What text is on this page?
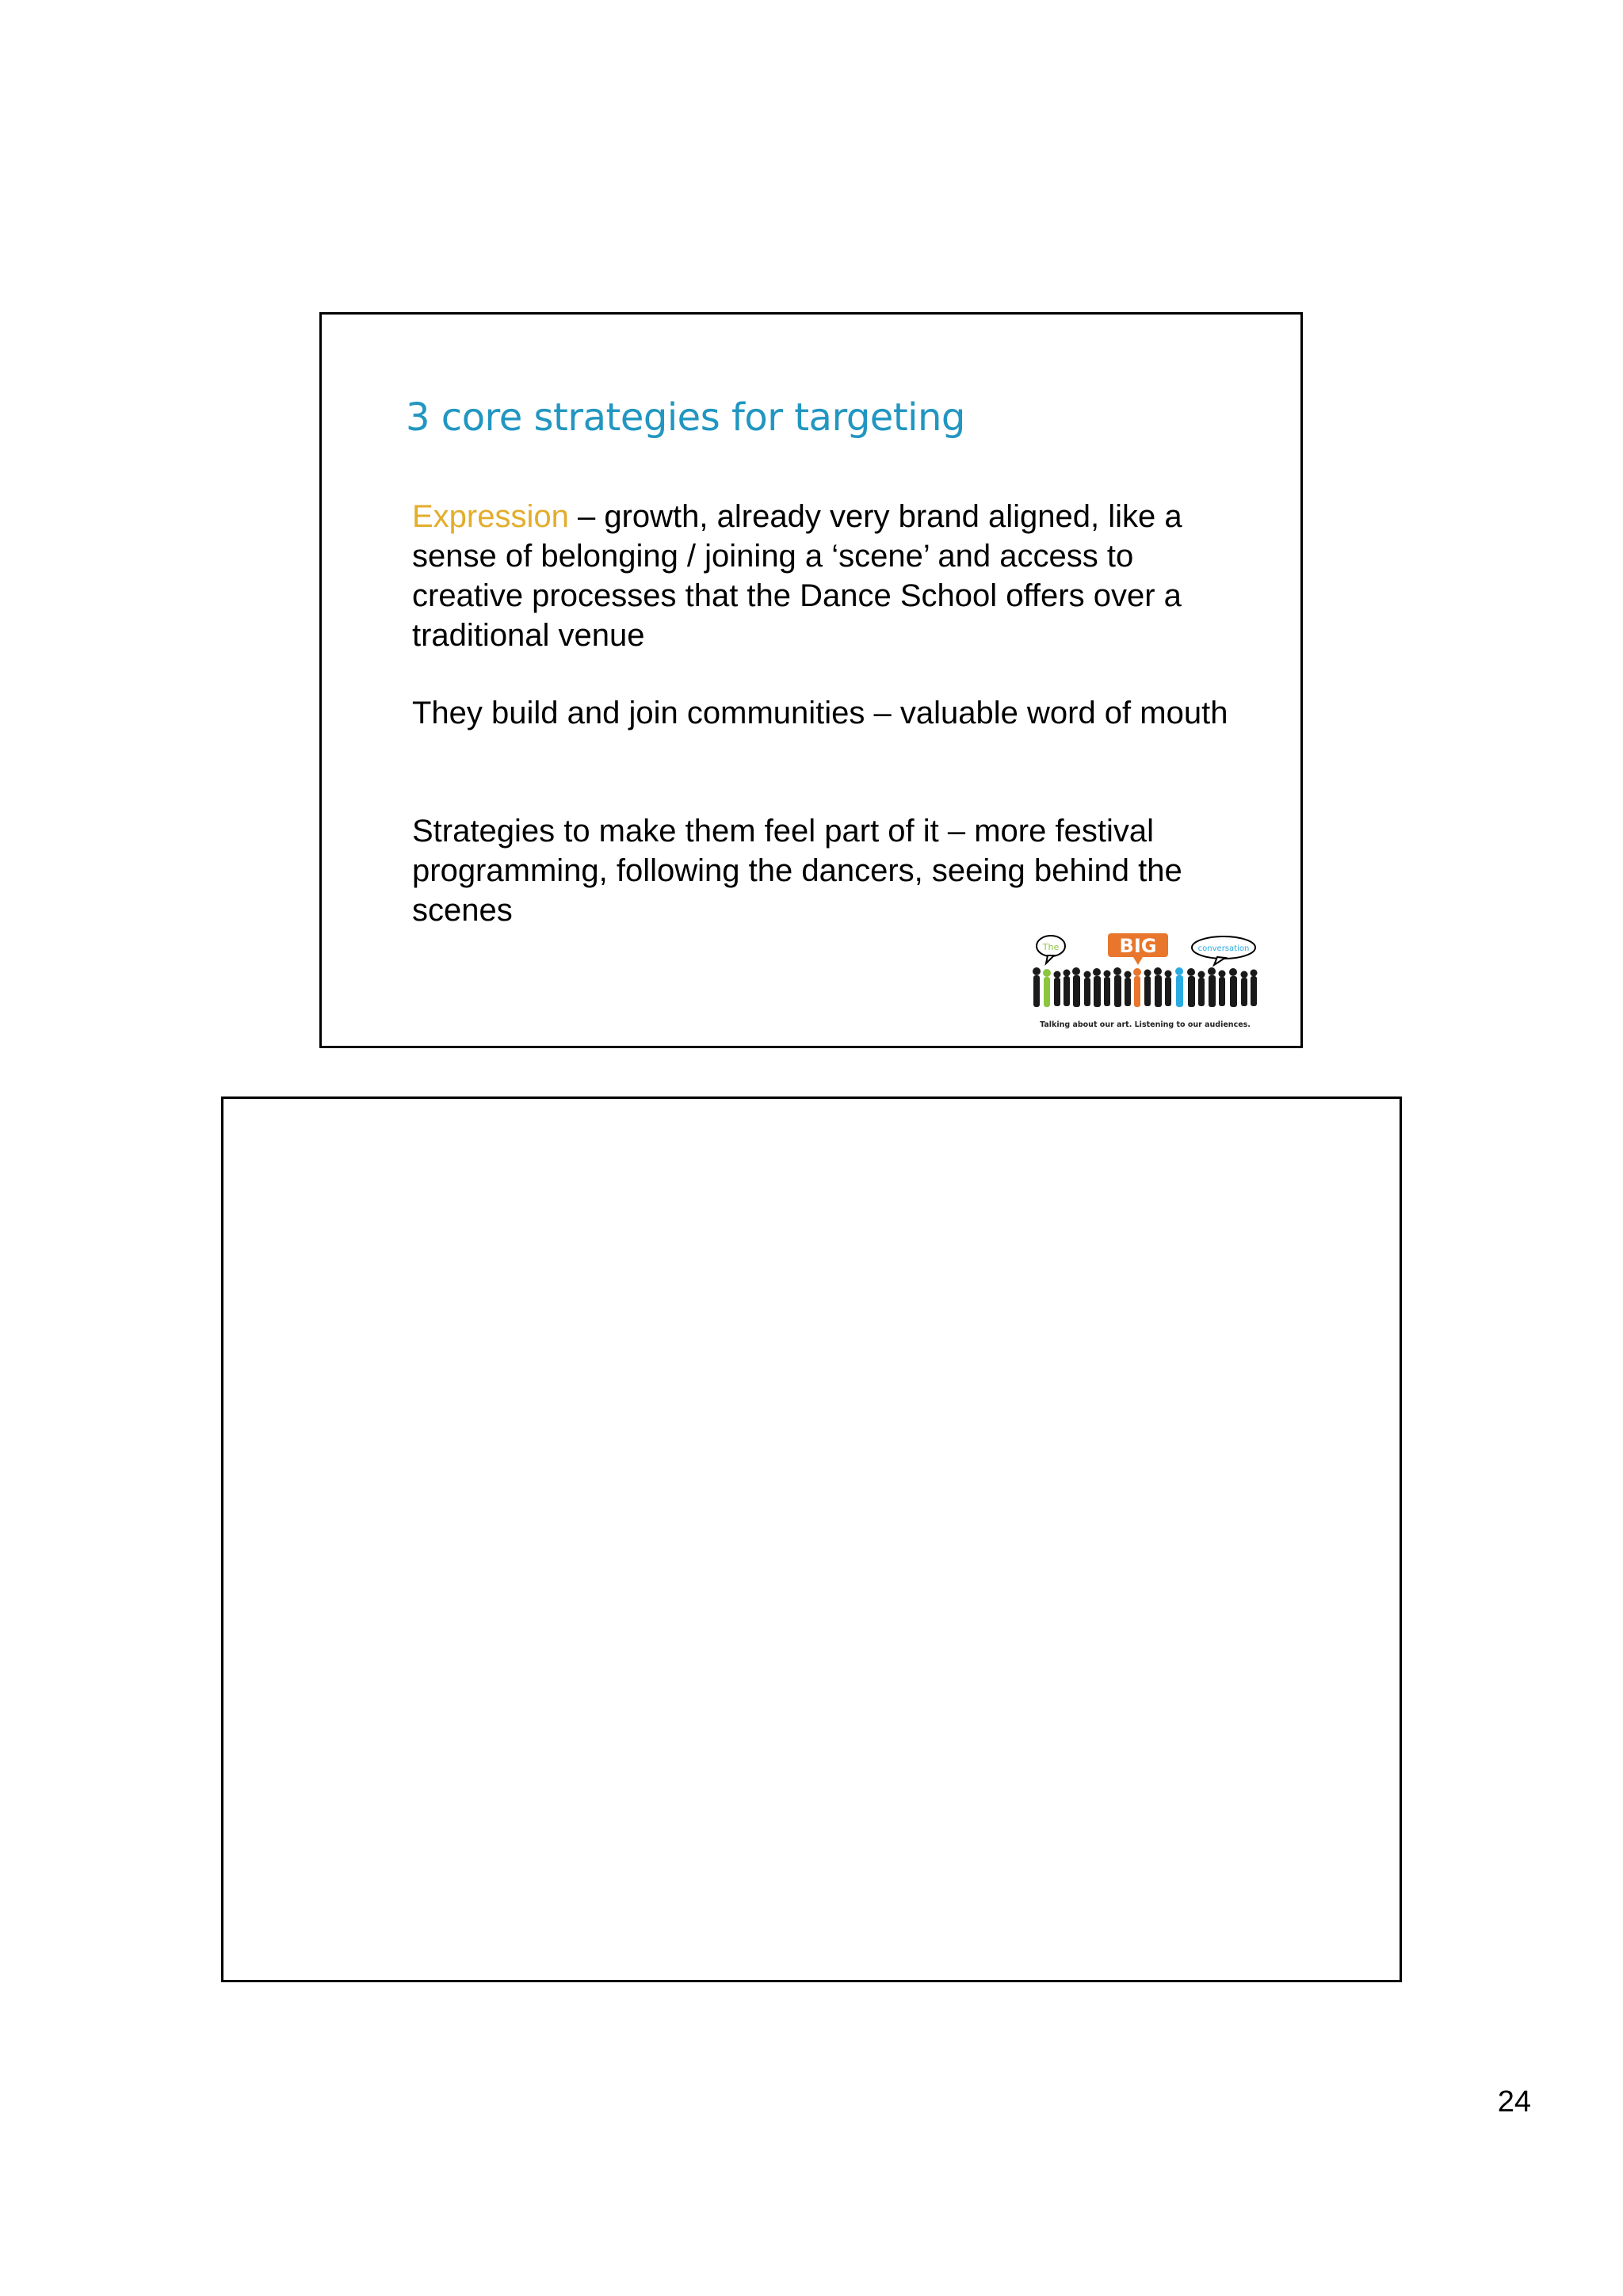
3 core strategies for targeting

Expression – growth, already very brand aligned, like a sense of belonging / joining a ‘scene’ and access to creative processes that the Dance School offers over a traditional venue

They build and join communities – valuable word of mouth

Strategies to make them feel part of it – more festival programming, following the dancers, seeing behind the scenes

The	BIG	conversation
Talking about our art. Listening to our audiences.
24
